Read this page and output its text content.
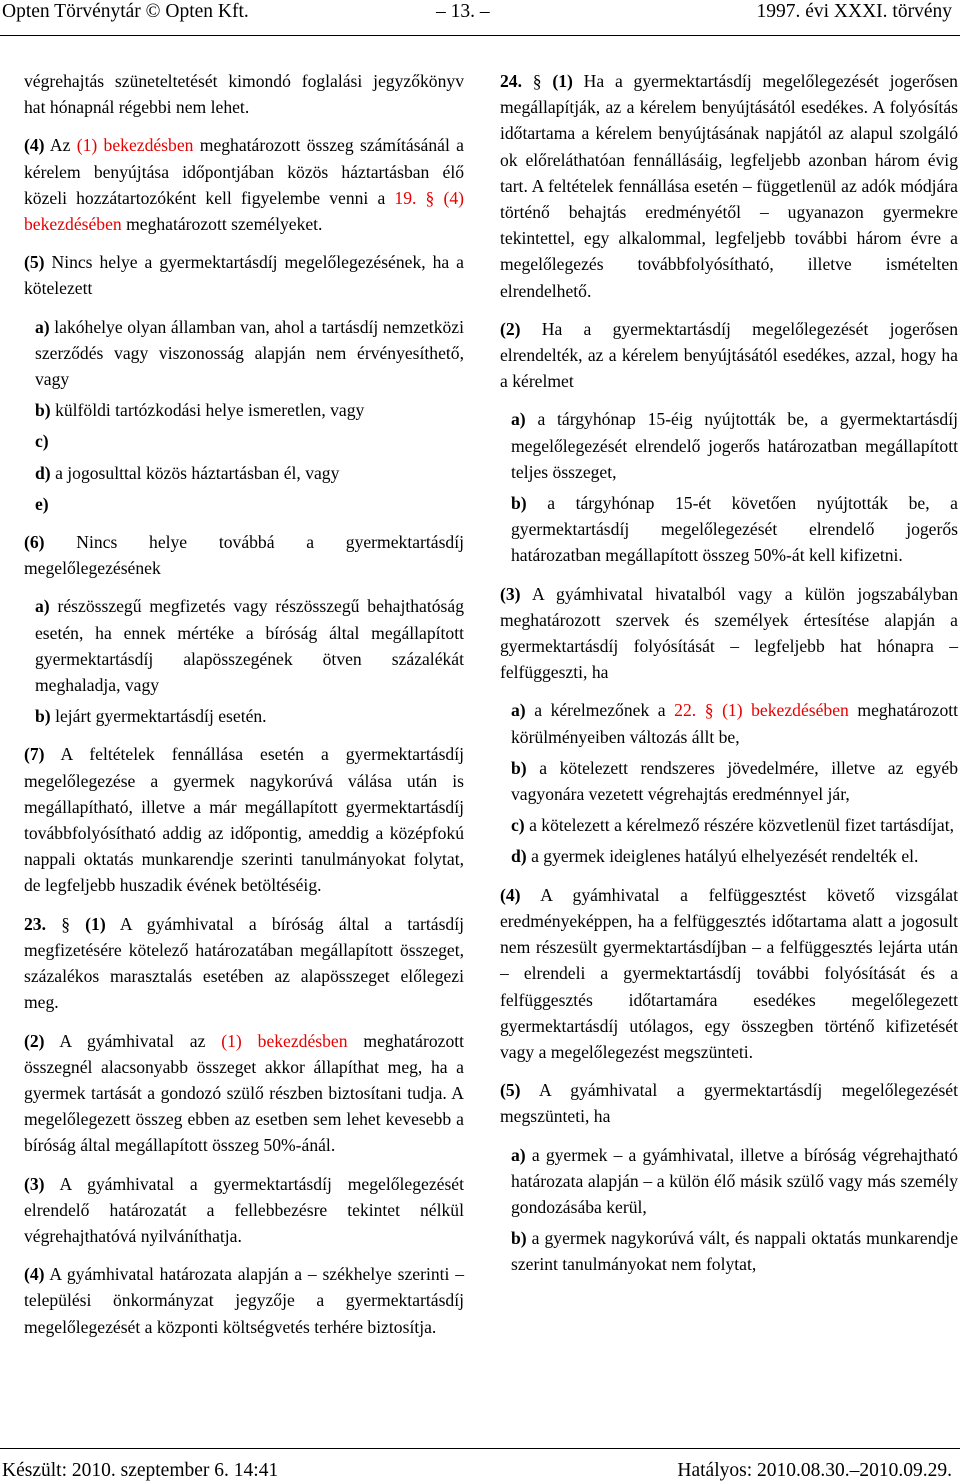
Opten Törvénytár © Opten Kft.	– 13. –	1997. évi XXXI. törvény

végrehajtás szüneteltetését kimondó foglalási jegyzőkönyv hat hónapnál régebbi nem lehet.

(4) Az (1) bekezdésben meghatározott összeg számításánál a kérelem benyújtása időpontjában közös háztartásban élő közeli hozzátartozóként kell figyelembe venni a 19. § (4) bekezdésében meghatározott személyeket.

(5) Nincs helye a gyermektartásdíj megelőlegezésének, ha a kötelezett

a) lakóhelye olyan államban van, ahol a tartásdíj nemzetközi szerződés vagy viszonosság alapján nem érvényesíthető, vagy
b) külföldi tartózkodási helye ismeretlen, vagy
c)
d) a jogosulttal közös háztartásban él, vagy
e)

(6) Nincs helye továbbá a gyermektartásdíj megelőlegezésének

a) részösszegű megfizetés vagy részösszegű behajthatóság esetén, ha ennek mértéke a bíróság által megállapított gyermektartásdíj alapösszegének ötven százalékát meghaladja, vagy
b) lejárt gyermektartásdíj esetén.

(7) A feltételek fennállása esetén a gyermektartásdíj megelőlegezése a gyermek nagykorúvá válása után is megállapítható, illetve a már megállapított gyermektartásdíj továbbfolyósítható addig az időpontig, ameddig a középfokú nappali oktatás munkarendje szerinti tanulmányokat folytat, de legfeljebb huszadik évének betöltéséig.

23. § (1) A gyámhivatal a bíróság által a tartásdíj megfizetésére kötelező határozatában megállapított összeget, százalékos marasztalás esetében az alapösszeget előlegezi meg.

(2) A gyámhivatal az (1) bekezdésben meghatározott összegnél alacsonyabb összeget akkor állapíthat meg, ha a gyermek tartását a gondozó szülő részben biztosítani tudja. A megelőlegezett összeg ebben az esetben sem lehet kevesebb a bíróság által megállapított összeg 50%-ánál.

(3) A gyámhivatal a gyermektartásdíj megelőlegezését elrendelő határozatát a fellebbezésre tekintet nélkül végrehajthatóvá nyilváníthatja.

(4) A gyámhivatal határozata alapján a – székhelye szerinti – települési önkormányzat jegyzője a gyermektartásdíj megelőlegezését a központi költségvetés terhére biztosítja.

24. § (1) Ha a gyermektartásdíj megelőlegezését jogerősen megállapítják, az a kérelem benyújtásától esedékes. A folyósítás időtartama a kérelem benyújtásának napjától az alapul szolgáló ok előreláthatóan fennállásáig, legfeljebb azonban három évig tart. A feltételek fennállása esetén – függetlenül az adók módjára történő behajtás eredményétől – ugyanazon gyermekre tekintettel, egy alkalommal, legfeljebb további három évre a megelőlegezés továbbfolyósítható, illetve ismételten elrendelhető.

(2) Ha a gyermektartásdíj megelőlegezését jogerősen elrendelték, az a kérelem benyújtásától esedékes, azzal, hogy ha a kérelmet

a) a tárgyhónap 15-éig nyújtották be, a gyermektartásdíj megelőlegezését elrendelő jogerős határozatban megállapított teljes összeget,
b) a tárgyhónap 15-ét követően nyújtották be, a gyermektartásdíj megelőlegezését elrendelő jogerős határozatban megállapított összeg 50%-át kell kifizetni.

(3) A gyámhivatal hivatalból vagy a külön jogszabályban meghatározott szervek és személyek értesítése alapján a gyermektartásdíj folyósítását – legfeljebb hat hónapra – felfüggeszti, ha

a) a kérelmezőnek a 22. § (1) bekezdésében meghatározott körülményeiben változás állt be,
b) a kötelezett rendszeres jövedelmére, illetve az egyéb vagyonára vezetett végrehajtás eredménnyel jár,
c) a kötelezett a kérelmező részére közvetlenül fizet tartásdíjat,
d) a gyermek ideiglenes hatályú elhelyezését rendelték el.

(4) A gyámhivatal a felfüggesztést követő vizsgálat eredményeképpen, ha a felfüggesztés időtartama alatt a jogosult nem részesült gyermektartásdíjban – a felfüggesztés lejárta után – elrendeli a gyermektartásdíj további folyósítását és a felfüggesztés időtartamára esedékes megelőlegezett gyermektartásdíj utólagos, egy összegben történő kifizetését vagy a megelőlegezést megszünteti.

(5) A gyámhivatal a gyermektartásdíj megelőlegezését megszünteti, ha

a) a gyermek – a gyámhivatal, illetve a bíróság végrehajtható határozata alapján – a külön élő másik szülő vagy más személy gondozásába kerül,
b) a gyermek nagykorúvá vált, és nappali oktatás munkarendje szerint tanulmányokat nem folytat,
Készült: 2010. szeptember 6. 14:41	Hatályos: 2010.08.30.–2010.09.29.
